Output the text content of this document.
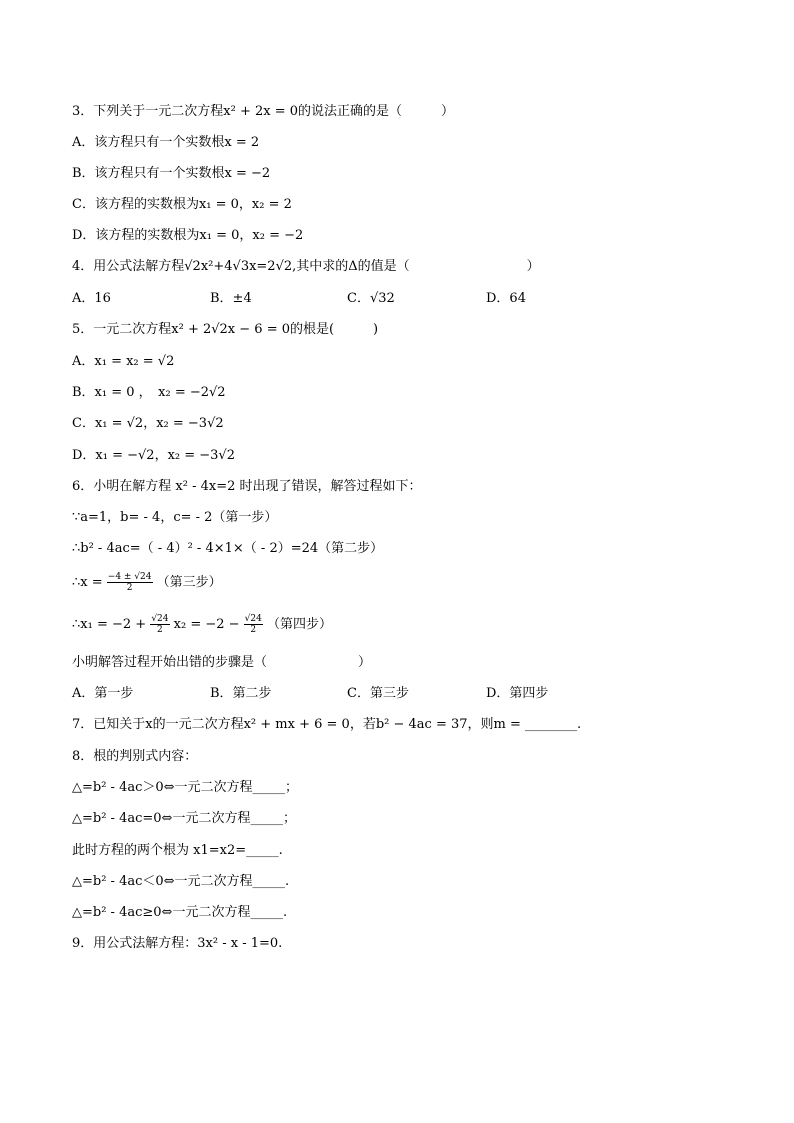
3．下列关于一元二次方程x² + 2x = 0的说法正确的是（　　　）
A．该方程只有一个实数根x = 2
B．该方程只有一个实数根x = −2
C．该方程的实数根为x₁ = 0，x₂ = 2
D．该方程的实数根为x₁ = 0，x₂ = −2
4．用公式法解方程√2x²+4√3x=2√2,其中求的Δ的值是（　　　　　　　　　）
A．16	B．±4	C．√32	D．64
5．一元二次方程x² + 2√2x − 6 = 0的根是(　　　)
A．x₁ = x₂ = √2
B．x₁ = 0 ，　x₂ = −2√2
C．x₁ = √2，x₂ = −3√2
D．x₁ = −√2，x₂ = −3√2
6．小明在解方程 x² - 4x=2 时出现了错误，解答过程如下：
∵a=1，b= - 4，c= - 2（第一步）
∴b² - 4ac=（ - 4）² - 4×1×（ - 2）=24（第二步）
∴x = $\frac{-4 \pm √24}{2}$ （第三步）
∴x₁ = $-2 + \frac{√24}{2} x_2 = -2 - \frac{√24}{2}$ （第四步）
小明解答过程开始出错的步骤是（　　　　　　　）
A．第一步	B．第二步	C．第三步	D．第四步
7．已知关于x的一元二次方程x² + mx + 6 = 0，若b² − 4ac = 37，则m = ________.
8．根的判别式内容：
△=b² - 4ac＞0⇔一元二次方程_____；
△=b² - 4ac=0⇔一元二次方程_____；
此时方程的两个根为 x1=x2=_____.
△=b² - 4ac＜0⇔一元二次方程_____.
△=b² - 4ac≥0⇔一元二次方程_____.
9．用公式法解方程：3x² - x - 1=0.
